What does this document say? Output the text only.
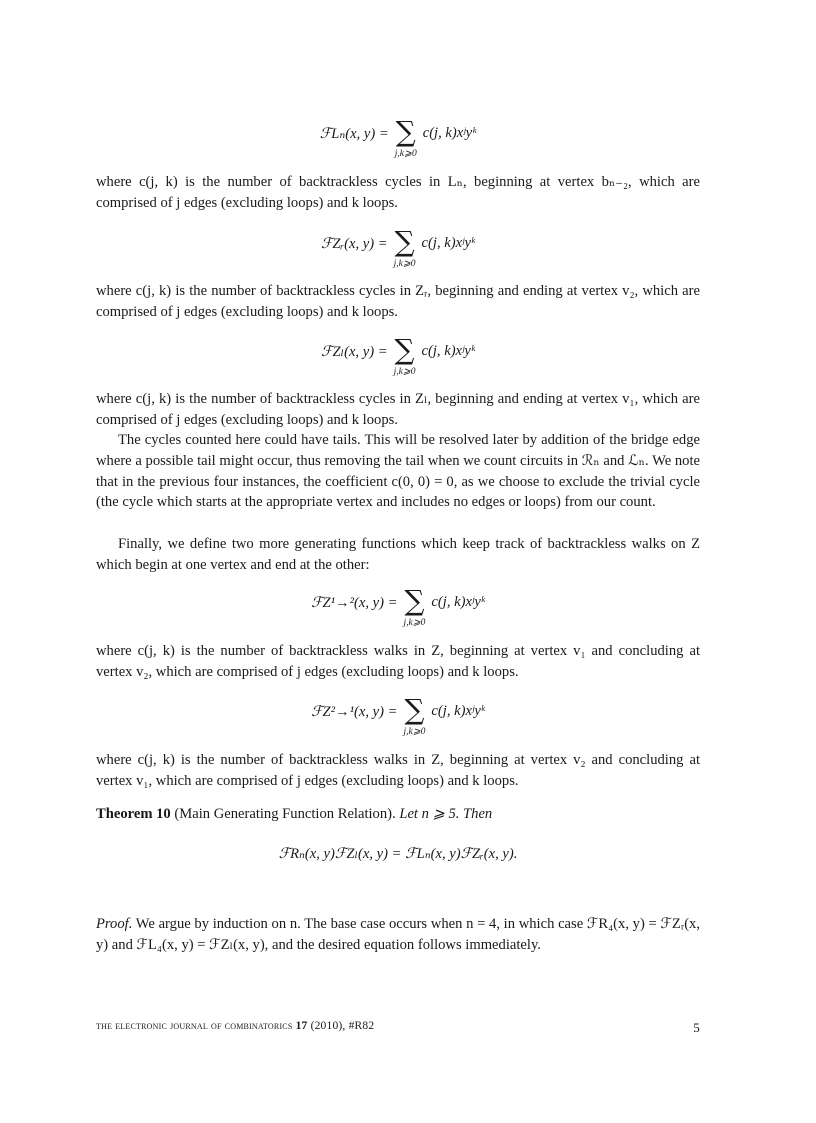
ℱLₙ(x, y) = ∑
j,k⩾0
c(j, k)xʲyᵏ

where c(j, k) is the number of backtrackless cycles in Lₙ, beginning at vertex bₙ₋₂, which are comprised of j edges (excluding loops) and k loops.

ℱZᵣ(x, y) = ∑
j,k⩾0
c(j, k)xʲyᵏ

where c(j, k) is the number of backtrackless cycles in Zᵣ, beginning and ending at vertex v₂, which are comprised of j edges (excluding loops) and k loops.

ℱZₗ(x, y) = ∑
j,k⩾0
c(j, k)xʲyᵏ

where c(j, k) is the number of backtrackless cycles in Zₗ, beginning and ending at vertex v₁, which are comprised of j edges (excluding loops) and k loops.

The cycles counted here could have tails. This will be resolved later by addition of the bridge edge where a possible tail might occur, thus removing the tail when we count circuits in ℛₙ and ℒₙ. We note that in the previous four instances, the coefficient c(0, 0) = 0, as we choose to exclude the trivial cycle (the cycle which starts at the appropriate vertex and includes no edges or loops) from our count.

Finally, we define two more generating functions which keep track of backtrackless walks on Z which begin at one vertex and end at the other:

ℱZ¹→²(x, y) = ∑
j,k⩾0
c(j, k)xʲyᵏ

where c(j, k) is the number of backtrackless walks in Z, beginning at vertex v₁ and concluding at vertex v₂, which are comprised of j edges (excluding loops) and k loops.

ℱZ²→¹(x, y) = ∑
j,k⩾0
c(j, k)xʲyᵏ

where c(j, k) is the number of backtrackless walks in Z, beginning at vertex v₂ and concluding at vertex v₁, which are comprised of j edges (excluding loops) and k loops.

Theorem 10 (Main Generating Function Relation). Let n ⩾ 5. Then

ℱRₙ(x, y)ℱZₗ(x, y) = ℱLₙ(x, y)ℱZᵣ(x, y).

Proof. We argue by induction on n. The base case occurs when n = 4, in which case ℱR₄(x, y) = ℱZᵣ(x, y) and ℱL₄(x, y) = ℱZₗ(x, y), and the desired equation follows immediately.

the electronic journal of combinatorics 17 (2010), #R82	5
